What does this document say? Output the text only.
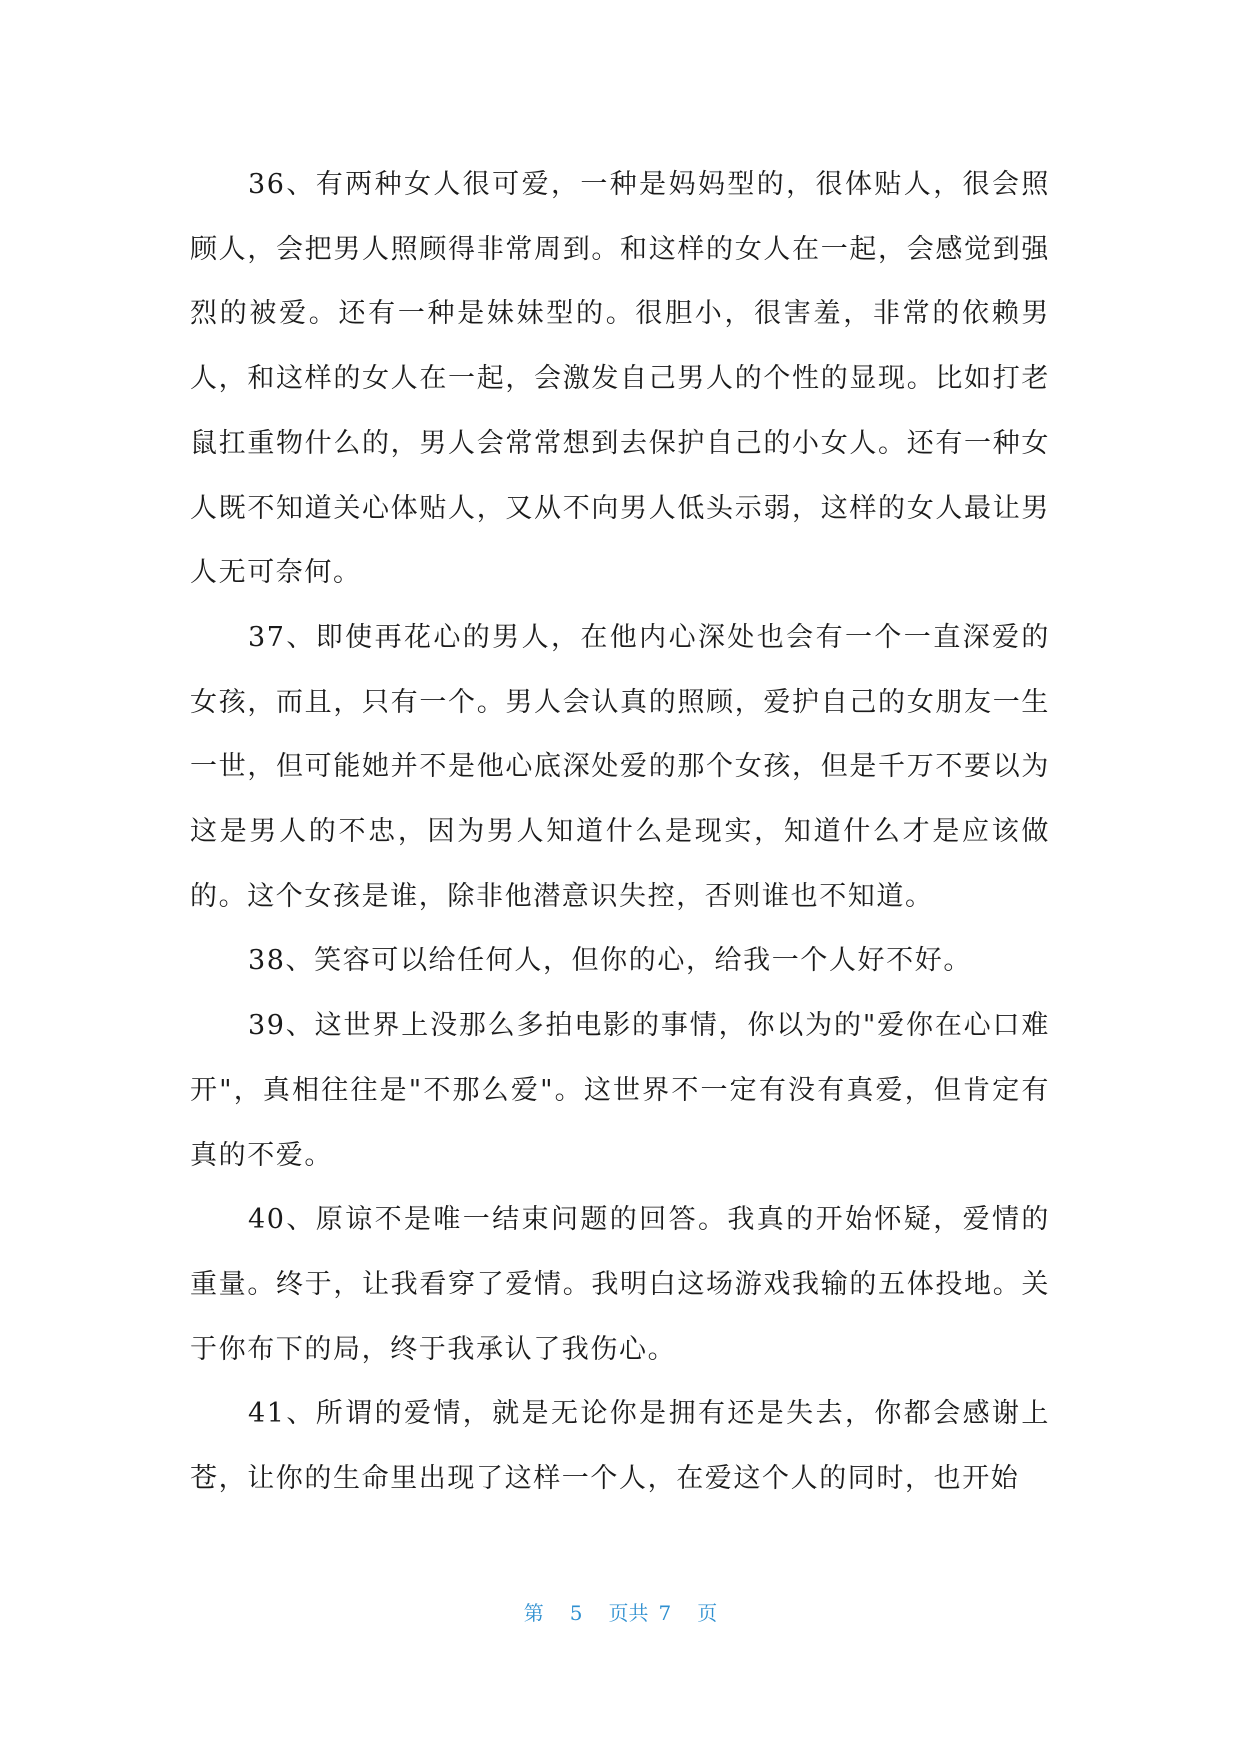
36、有两种女人很可爱，一种是妈妈型的，很体贴人，很会照顾人，会把男人照顾得非常周到。和这样的女人在一起，会感觉到强烈的被爱。还有一种是妹妹型的。很胆小，很害羞，非常的依赖男人，和这样的女人在一起，会激发自己男人的个性的显现。比如打老鼠扛重物什么的，男人会常常想到去保护自己的小女人。还有一种女人既不知道关心体贴人，又从不向男人低头示弱，这样的女人最让男人无可奈何。

37、即使再花心的男人，在他内心深处也会有一个一直深爱的女孩，而且，只有一个。男人会认真的照顾，爱护自己的女朋友一生一世，但可能她并不是他心底深处爱的那个女孩，但是千万不要以为这是男人的不忠，因为男人知道什么是现实，知道什么才是应该做的。这个女孩是谁，除非他潜意识失控，否则谁也不知道。

38、笑容可以给任何人，但你的心，给我一个人好不好。

39、这世界上没那么多拍电影的事情，你以为的"爱你在心口难开"，真相往往是"不那么爱"。这世界不一定有没有真爱，但肯定有真的不爱。

40、原谅不是唯一结束问题的回答。我真的开始怀疑，爱情的重量。终于，让我看穿了爱情。我明白这场游戏我输的五体投地。关于你布下的局，终于我承认了我伤心。

41、所谓的爱情，就是无论你是拥有还是失去，你都会感谢上苍，让你的生命里出现了这样一个人，在爱这个人的同时，也开始

第 5 页共 7 页
